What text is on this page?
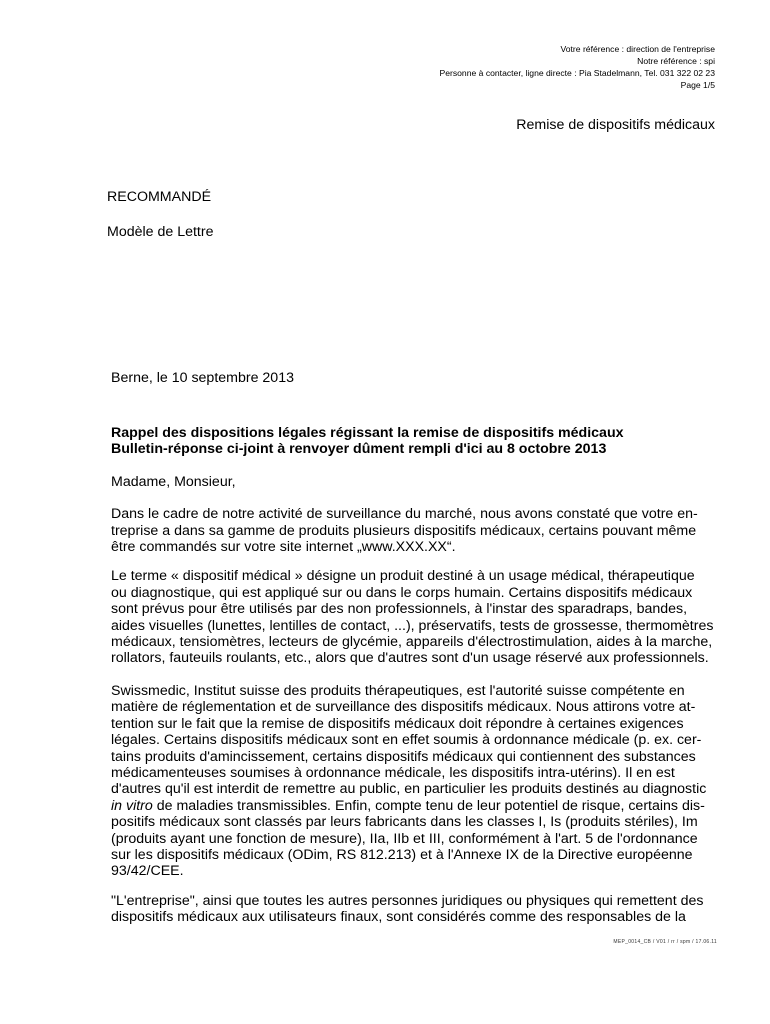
Votre référence : direction de l'entreprise
Notre référence : spi
Personne à contacter, ligne directe : Pia Stadelmann, Tel. 031 322 02 23
Page 1/5
Remise de dispositifs médicaux
RECOMMANDÉ
Modèle de Lettre
Berne, le 10 septembre 2013
Rappel des dispositions légales régissant la remise de dispositifs médicaux
Bulletin-réponse ci-joint à renvoyer dûment rempli d'ici au 8 octobre 2013
Madame, Monsieur,
Dans le cadre de notre activité de surveillance du marché, nous avons constaté que votre en-
treprise a dans sa gamme de produits plusieurs dispositifs médicaux, certains pouvant même
être commandés sur votre site internet „www.XXX.XX“.
Le terme « dispositif médical » désigne un produit destiné à un usage médical, thérapeutique
ou diagnostique, qui est appliqué sur ou dans le corps humain. Certains dispositifs médicaux
sont prévus pour être utilisés par des non professionnels, à l'instar des sparadraps, bandes,
aides visuelles (lunettes, lentilles de contact, ...), préservatifs, tests de grossesse, thermomètres
médicaux, tensiomètres, lecteurs de glycémie, appareils d'électrostimulation, aides à la marche,
rollators, fauteuils roulants, etc., alors que d'autres sont d'un usage réservé aux professionnels.
Swissmedic, Institut suisse des produits thérapeutiques, est l'autorité suisse compétente en
matière de réglementation et de surveillance des dispositifs médicaux. Nous attirons votre at-
tention sur le fait que la remise de dispositifs médicaux doit répondre à certaines exigences
légales. Certains dispositifs médicaux sont en effet soumis à ordonnance médicale (p. ex. cer-
tains produits d'amincissement, certains dispositifs médicaux qui contiennent des substances
médicamenteuses soumises à ordonnance médicale, les dispositifs intra-utérins). Il en est
d'autres qu'il est interdit de remettre au public, en particulier les produits destinés au diagnostic
in vitro de maladies transmissibles. Enfin, compte tenu de leur potentiel de risque, certains dis-
positifs médicaux sont classés par leurs fabricants dans les classes I, Is (produits stériles), Im
(produits ayant une fonction de mesure), IIa, IIb et III, conformément à l'art. 5 de l'ordonnance
sur les dispositifs médicaux (ODim, RS 812.213) et à l'Annexe IX de la Directive européenne
93/42/CEE.
"L'entreprise", ainsi que toutes les autres personnes juridiques ou physiques qui remettent des
dispositifs médicaux aux utilisateurs finaux, sont considérés comme des responsables de la
MEP_0014_CB / V01 / rr / spm / 17.06.11
